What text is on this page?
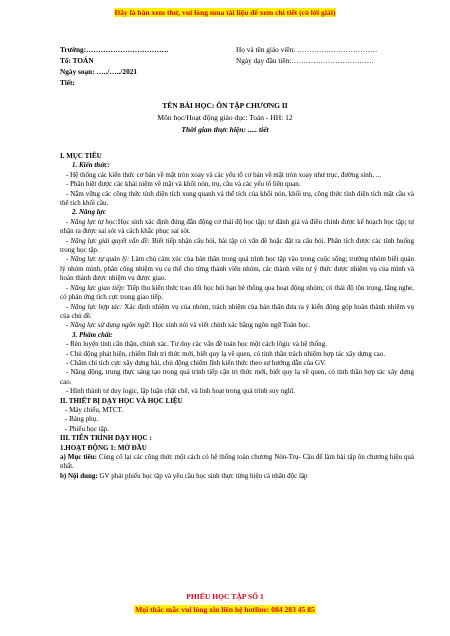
Đây là bản xem thử, vui lòng mua tài liệu để xem chi tiết (có lời giải)
Trường:…………………………….
Tổ: TOÁN
Ngày soạn: …../…../2021
Tiết:
Họ và tên giáo viên: ……………………………
Ngày dạy đầu tiên:…………………………….
TÊN BÀI HỌC: ÔN TẬP CHƯƠNG II
Môn học/Hoạt động giáo dục: Toán - HH: 12
Thời gian thực hiện: ..... tiết

I. MỤC TIÊU

1. Kiến thức:

- Hệ thống các kiến thức cơ bản về mặt tròn xoay và các yếu tố cơ bản về mặt tròn xoay như trục, đường sinh, ...

- Phân biệt được các khái niệm về mặt và khối nón, trụ, cầu và các yếu tố liên quan.

- Nắm vững các công thức tính diện tích xung quanh và thể tích của khối nón, khối trụ, công thức tính diện tích mặt cầu và thể tích khối cầu.

2. Năng lực

- Năng lực tự học:Học sinh xác định đúng đắn động cơ thái độ học tập; tự đánh giá và điều chỉnh được kế hoạch học tập; tự nhận ra được sai sót và cách khắc phục sai sót.

- Năng lực giải quyết vấn đề: Biết tiếp nhận câu hỏi, bài tập có vấn đề hoặc đặt ra câu hỏi. Phân tích được các tình huống trong học tập.

- Năng lực tự quản lý: Làm chủ cảm xúc của bản thân trong quá trình học tập vào trong cuộc sống; trưởng nhóm biết quản lý nhóm mình, phân công nhiệm vụ cụ thể cho từng thành viên nhóm, các thành viên tự ý thức được nhiệm vụ của mình và hoàn thành được nhiệm vụ được giao.

- Năng lực giao tiếp: Tiếp thu kiến thức trao đổi học hỏi bạn bè thông qua hoạt động nhóm; có thái độ tôn trọng, lắng nghe, có phản ứng tích cực trong giao tiếp.

- Năng lực hợp tác: Xác định nhiệm vụ của nhóm, trách nhiệm của bản thân đưa ra ý kiến đóng góp hoàn thành nhiệm vụ của chủ đề.

- Năng lực sử dụng ngôn ngữ: Học sinh nói và viết chính xác bằng ngôn ngữ Toán học.

3. Phẩm chất:

- Rèn luyện tính cẩn thận, chính xác. Tư duy các vấn đề toán học một cách lôgic và hệ thống.

- Chủ động phát hiện, chiếm lĩnh tri thức mới, biết quy lạ về quen, có tinh thần trách nhiệm hợp tác xây dựng cao.

- Chăm chỉ tích cực xây dựng bài, chủ động chiếm lĩnh kiến thức theo sự hướng dẫn của GV.

- Năng động, trung thực sáng tạo trong quá trình tiếp cận tri thức mới, biết quy lạ về quen, có tinh thần hợp tác xây dựng cao.

- Hình thành tư duy logic, lập luận chặt chẽ, và linh hoạt trong quá trình suy nghĩ.

II. THIẾT BỊ DẠY HỌC VÀ HỌC LIỆU

- Máy chiếu, MTCT.

- Bảng phụ.

- Phiếu học tập.

III. TIẾN TRÌNH DẠY HỌC :

1.HOẠT ĐỘNG 1: MỞ ĐẦU

a) Mục tiêu: Củng cố lại các công thức một cách có hệ thống toàn chương Nón-Trụ- Cầu để làm bài tập ôn chương hiệu quả nhất.

b) Nội dung: GV phát phiếu học tập và yêu cầu học sinh thực từng hiện cá nhân độc lập

PHIẾU HỌC TẬP SỐ 1
Mọi thắc mắc vui lòng xin liên hệ hotline: 084 283 45 85
